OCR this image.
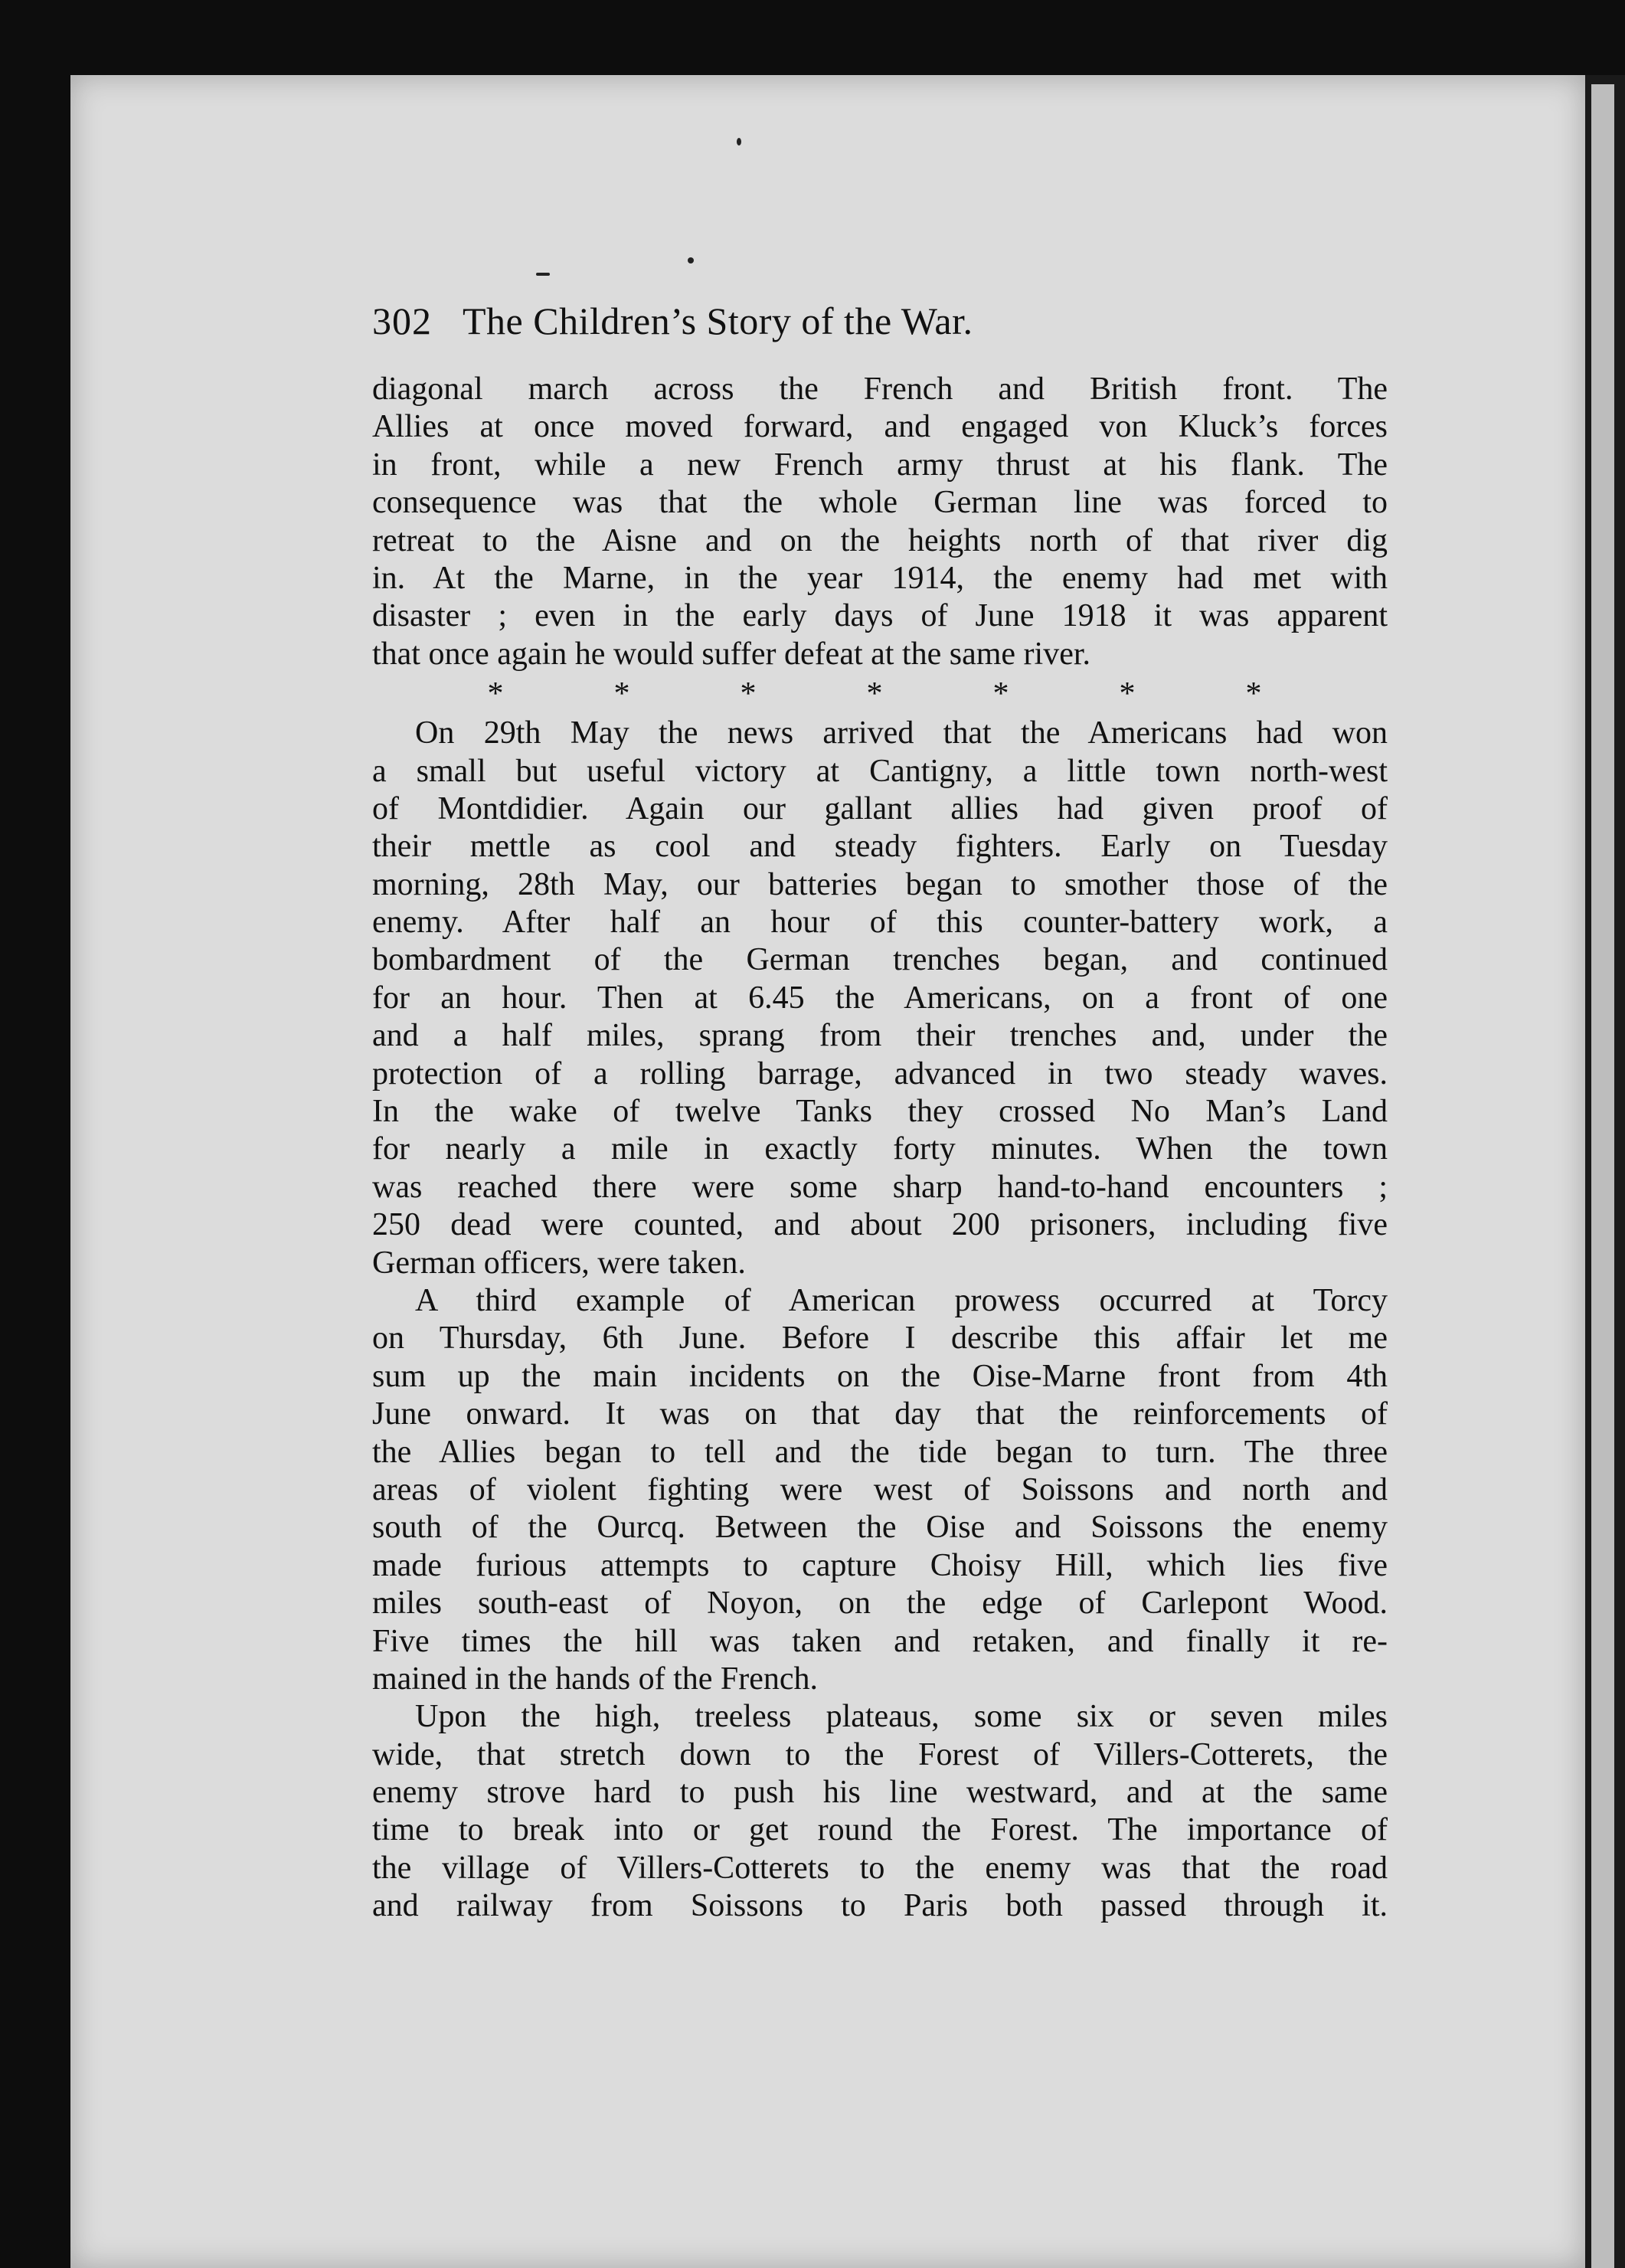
302 The Children’s Story of the War.
diagonal march across the French and British front. The
Allies at once moved forward, and engaged von Kluck’s forces
in front, while a new French army thrust at his flank. The
consequence was that the whole German line was forced to
retreat to the Aisne and on the heights north of that river dig
in. At the Marne, in the year 1914, the enemy had met with
disaster ; even in the early days of June 1918 it was apparent
that once again he would suffer defeat at the same river.
*	*	*	*	*	*	*
On 29th May the news arrived that the Americans had won
a small but useful victory at Cantigny, a little town north-west
of Montdidier. Again our gallant allies had given proof of
their mettle as cool and steady fighters. Early on Tuesday
morning, 28th May, our batteries began to smother those of the
enemy. After half an hour of this counter-battery work, a
bombardment of the German trenches began, and continued
for an hour. Then at 6.45 the Americans, on a front of one
and a half miles, sprang from their trenches and, under the
protection of a rolling barrage, advanced in two steady waves.
In the wake of twelve Tanks they crossed No Man’s Land
for nearly a mile in exactly forty minutes. When the town
was reached there were some sharp hand-to-hand encounters ;
250 dead were counted, and about 200 prisoners, including five
German officers, were taken.
A third example of American prowess occurred at Torcy
on Thursday, 6th June. Before I describe this affair let me
sum up the main incidents on the Oise-Marne front from 4th
June onward. It was on that day that the reinforcements of
the Allies began to tell and the tide began to turn. The three
areas of violent fighting were west of Soissons and north and
south of the Ourcq. Between the Oise and Soissons the enemy
made furious attempts to capture Choisy Hill, which lies five
miles south-east of Noyon, on the edge of Carlepont Wood.
Five times the hill was taken and retaken, and finally it re-
mained in the hands of the French.
Upon the high, treeless plateaus, some six or seven miles
wide, that stretch down to the Forest of Villers-Cotterets, the
enemy strove hard to push his line westward, and at the same
time to break into or get round the Forest. The importance of
the village of Villers-Cotterets to the enemy was that the road
and railway from Soissons to Paris both passed through it.
